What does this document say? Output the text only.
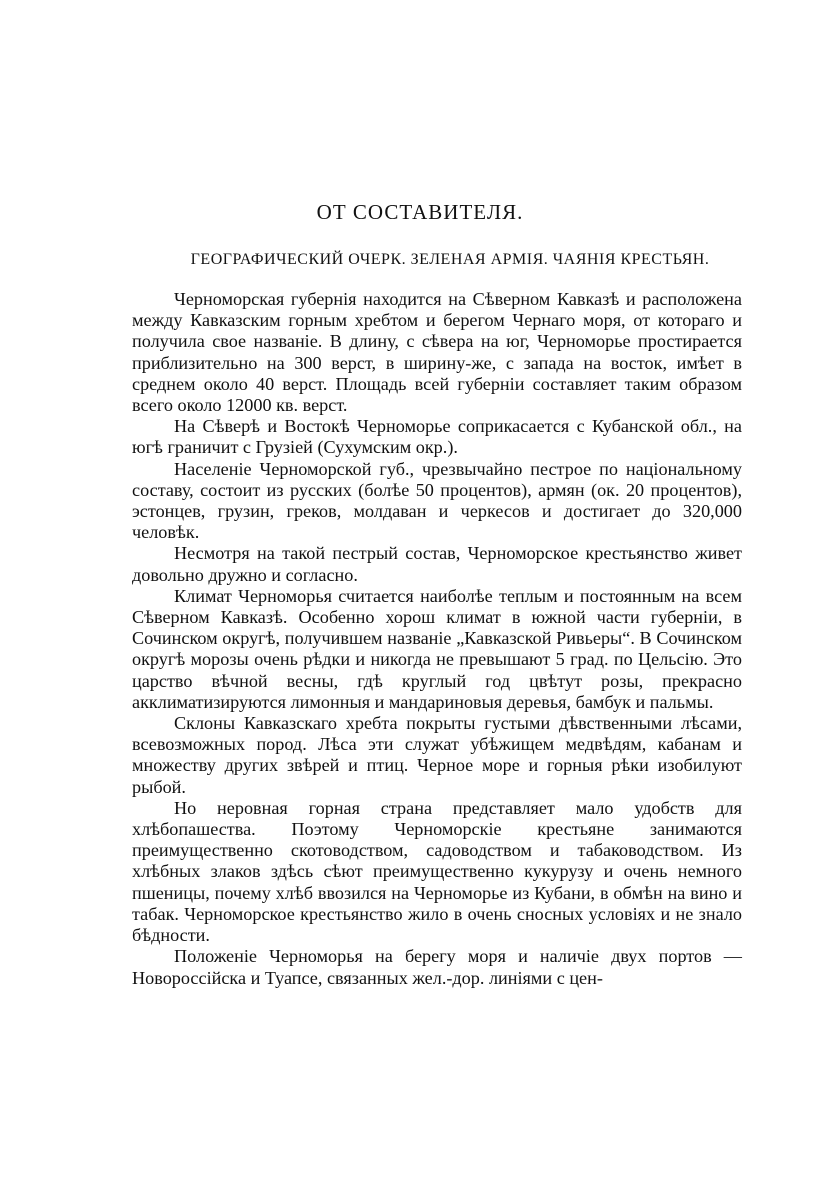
ОТ СОСТАВИТЕЛЯ.
ГЕОГРАФИЧЕСКИЙ ОЧЕРК. ЗЕЛЕНАЯ АРМІЯ. ЧАЯНІЯ КРЕСТЬЯН.

Черноморская губернія находится на Сѣверном Кавказѣ и расположена между Кавказским горным хребтом и берегом Чернаго моря, от котораго и получила свое названіе. В длину, с сѣвера на юг, Черноморье простирается приблизительно на 300 верст, в ширину-же, с запада на восток, имѣет в среднем около 40 верст. Площадь всей губерніи составляет таким образом всего около 12000 кв. верст.

На Сѣверѣ и Востокѣ Черноморье соприкасается с Кубанской обл., на югѣ граничит с Грузіей (Сухумским окр.).

Населеніе Черноморской губ., чрезвычайно пестрое по національному составу, состоит из русских (болѣе 50 процентов), армян (ок. 20 процентов), эстонцев, грузин, греков, молдаван и черкесов и достигает до 320,000 человѣк.

Несмотря на такой пестрый состав, Черноморское крестьянство живет довольно дружно и согласно.

Климат Черноморья считается наиболѣе теплым и постоянным на всем Сѣверном Кавказѣ. Особенно хорош климат в южной части губерніи, в Сочинском округѣ, получившем названіе „Кавказской Ривьеры“. В Сочинском округѣ морозы очень рѣдки и никогда не превышают 5 град. по Цельсію. Это царство вѣчной весны, гдѣ круглый год цвѣтут розы, прекрасно акклиматизируются лимонныя и мандариновыя деревья, бамбук и пальмы.

Склоны Кавказскаго хребта покрыты густыми дѣвственными лѣсами, всевозможных пород. Лѣса эти служат убѣжищем медвѣдям, кабанам и множеству других звѣрей и птиц. Черное море и горныя рѣки изобилуют рыбой.

Но неровная горная страна представляет мало удобств для хлѣбопашества. Поэтому Черноморскіе крестьяне занимаются преимущественно скотоводством, садоводством и табаководством. Из хлѣбных злаков здѣсь сѣют преимущественно кукурузу и очень немного пшеницы, почему хлѣб ввозился на Черноморье из Кубани, в обмѣн на вино и табак. Черноморское крестьянство жило в очень сносных условіях и не знало бѣдности.

Положеніе Черноморья на берегу моря и наличіе двух портов — Новороссійска и Туапсе, связанных жел.-дор. линіями с цен-
